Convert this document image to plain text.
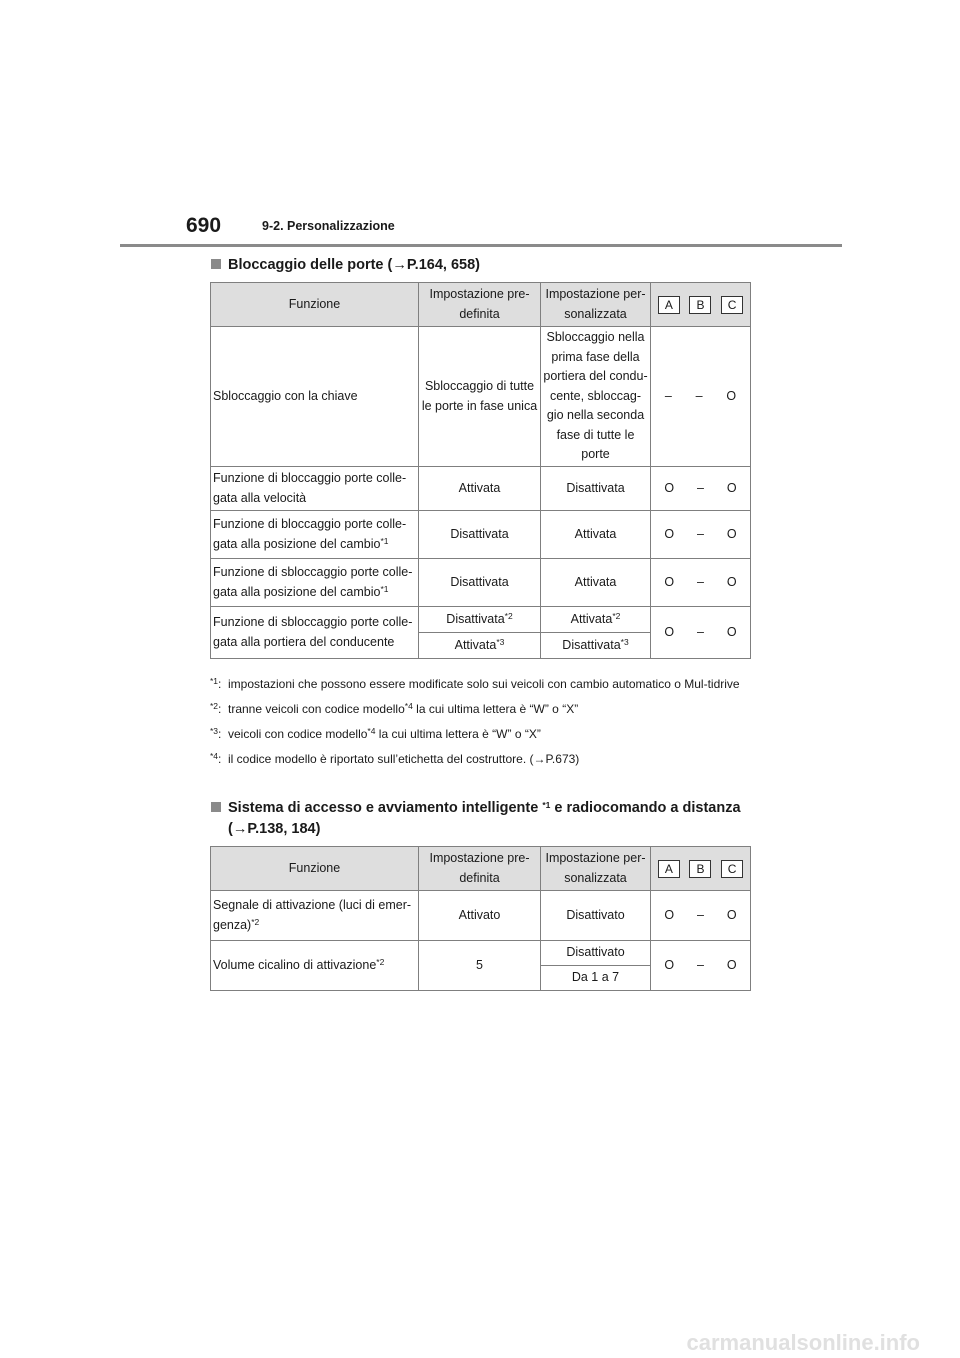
690	9-2. Personalizzazione
Bloccaggio delle porte (→P.164, 658)
Funzione	Impostazione pre-definita	Impostazione per-sonalizzata	A B C

Sbloccaggio con la chiave	Sbloccaggio di tutte le porte in fase unica	Sbloccaggio nella prima fase della portiera del condu-cente, sbloccag-gio nella seconda fase di tutte le porte	– – O

Funzione di bloccaggio porte colle-gata alla velocità	Attivata	Disattivata	O – O

Funzione di bloccaggio porte colle-gata alla posizione del cambio$^{*1}$	Disattivata	Attivata	O – O

Funzione di sbloccaggio porte colle-gata alla posizione del cambio$^{*1}$	Disattivata	Attivata	O – O

Funzione di sbloccaggio porte colle-gata alla portiera del conducente	Disattivata$^{*2}$	Attivata$^{*2}$	O – O

	Attivata$^{*3}$	Disattivata$^{*3}$
$^{*1}$: impostazioni che possono essere modificate solo sui veicoli con cambio automatico o Mul-tidrive
$^{*2}$: tranne veicoli con codice modello$^{*4}$ la cui ultima lettera è “W” o “X”
$^{*3}$: veicoli con codice modello$^{*4}$ la cui ultima lettera è “W” o “X”
$^{*4}$: il codice modello è riportato sull’etichetta del costruttore. (→P.673)
Sistema di accesso e avviamento intelligente $^{*1}$ e radiocomando a distanza
(→P.138, 184)
Funzione	Impostazione pre-definita	Impostazione per-sonalizzata	A B C

Segnale di attivazione (luci di emer-genza)$^{*2}$	Attivato	Disattivato	O – O

Volume cicalino di attivazione$^{*2}$	5	Disattivato	O – O

		Da 1 a 7	
carmanualsonline.info
